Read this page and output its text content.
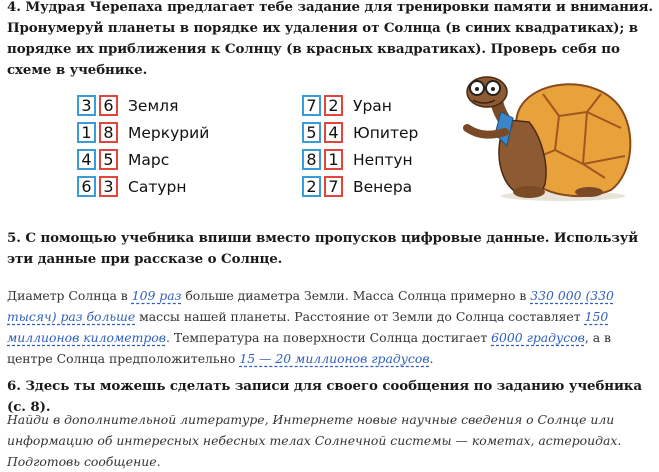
4. Мудрая Черепаха предлагает тебе задание для тренировки памяти и внимания. Пронумеруй планеты в порядке их удаления от Солнца (в синих квадратиках); в порядке их приближения к Солнцу (в красных квадратиках). Проверь себя по схеме в учебнике.

3 6 Земля
1 8 Меркурий
4 5 Марс
6 3 Сатурн
7 2 Уран
5 4 Юпитер
8 1 Нептун
2 7 Венера

5. С помощью учебника впиши вместо пропусков цифровые данные. Используй эти данные при рассказе о Солнце.

Диаметр Солнца в 109 раз больше диаметра Земли. Масса Солнца примерно в 330 000 (330 тысяч) раз больше массы нашей планеты. Расстояние от Земли до Солнца составляет 150 миллионов километров. Температура на поверхности Солнца достигает 6000 градусов, а в центре Солнца предположительно 15 — 20 миллионов градусов.

6. Здесь ты можешь сделать записи для своего сообщения по заданию учебника (с. 8).

Найди в дополнительной литературе, Интернете новые научные сведения о Солнце или информацию об интересных небесных телах Солнечной системы — кометах, астероидах. Подготовь сообщение.
